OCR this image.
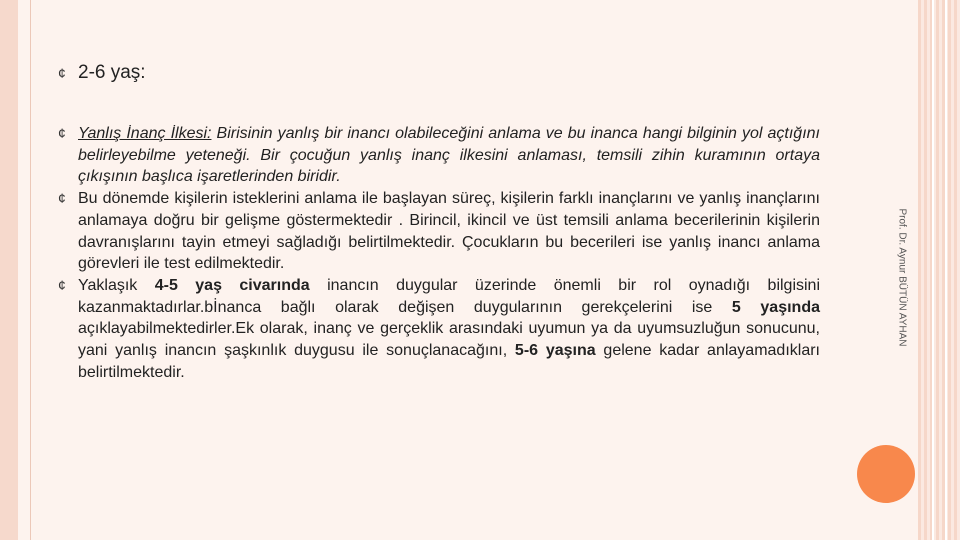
Prof. Dr. Aynur BÜTÜN AYHAN
¢ 2-6 yaş:
¢ Yanlış İnanç İlkesi: Birisinin yanlış bir inancı olabileceğini anlama ve bu inanca hangi bilginin yol açtığını belirleyebilme yeteneği. Bir çocuğun yanlış inanç ilkesini anlaması, temsili zihin kuramının ortaya çıkışının başlıca işaretlerinden biridir.
¢ Bu dönemde kişilerin isteklerini anlama ile başlayan süreç, kişilerin farklı inançlarını ve yanlış inançlarını anlamaya doğru bir gelişme göstermektedir . Birincil, ikincil ve üst temsili anlama becerilerinin kişilerin davranışlarını tayin etmeyi sağladığı belirtilmektedir. Çocukların bu becerileri ise yanlış inancı anlama görevleri ile test edilmektedir.
¢ Yaklaşık 4-5 yaş civarında inancın duygular üzerinde önemli bir rol oynadığı bilgisini kazanmaktadırlar.bİnanca bağlı olarak değişen duygularının gerekçelerini ise 5 yaşında açıklayabilmektedirler.Ek olarak, inanç ve gerçeklik arasındaki uyumun ya da uyumsuzluğun sonucunu, yani yanlış inancın şaşkınlık duygusu ile sonuçlanacağını, 5-6 yaşına gelene kadar anlayamadıkları belirtilmektedir.
